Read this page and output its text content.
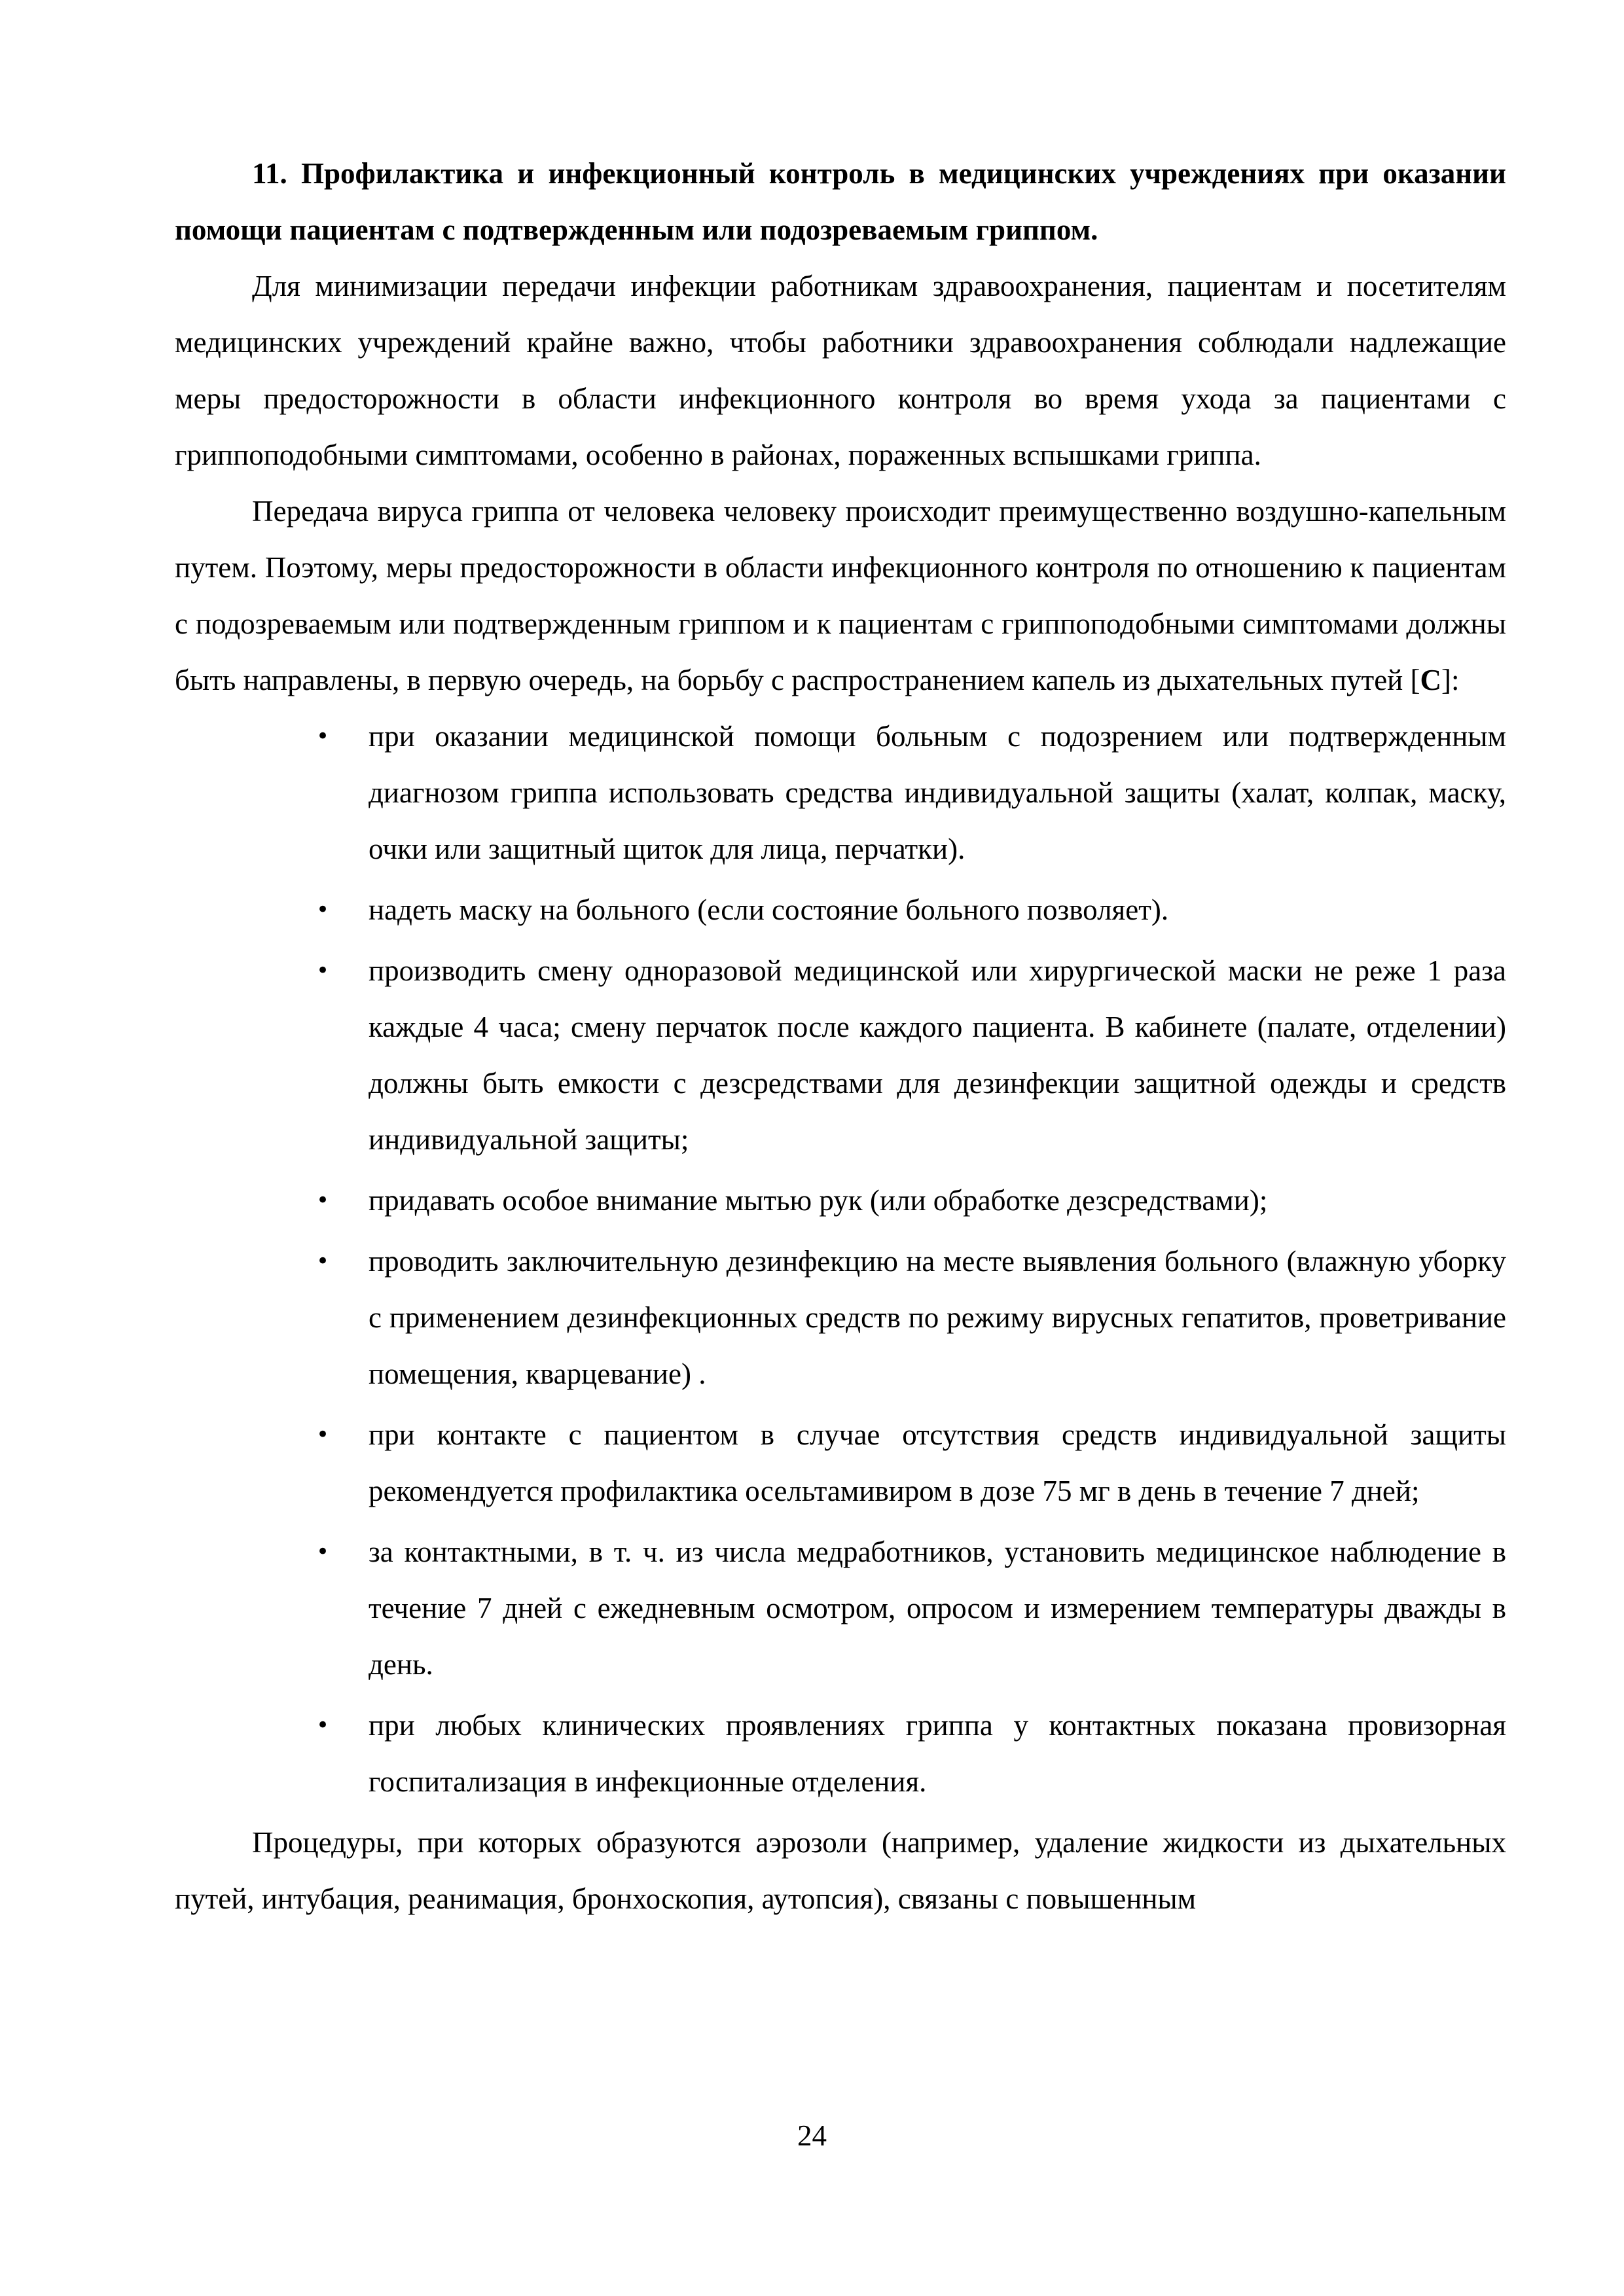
11. Профилактика и инфекционный контроль в медицинских учреждениях при оказании помощи пациентам с подтвержденным или подозреваемым гриппом.

Для минимизации передачи инфекции работникам здравоохранения, пациентам и посетителям медицинских учреждений крайне важно, чтобы работники здравоохранения соблюдали надлежащие меры предосторожности в области инфекционного контроля во время ухода за пациентами с гриппоподобными симптомами, особенно в районах, пораженных вспышками гриппа.

Передача вируса гриппа от человека человеку происходит преимущественно воздушно-капельным путем. Поэтому, меры предосторожности в области инфекционного контроля по отношению к пациентам с подозреваемым или подтвержденным гриппом и к пациентам с гриппоподобными симптомами должны быть направлены, в первую очередь, на борьбу с распространением капель из дыхательных путей [С]:

• при оказании медицинской помощи больным с подозрением или подтвержденным диагнозом гриппа использовать средства индивидуальной защиты (халат, колпак, маску, очки или защитный щиток для лица, перчатки).
• надеть маску на больного (если состояние больного позволяет).
• производить смену одноразовой медицинской или хирургической маски не реже 1 раза каждые 4 часа; смену перчаток после каждого пациента. В кабинете (палате, отделении) должны быть емкости с дезсредствами для дезинфекции защитной одежды и средств индивидуальной защиты;
• придавать особое внимание мытью рук (или обработке дезсредствами);
• проводить заключительную дезинфекцию на месте выявления больного (влажную уборку с применением дезинфекционных средств по режиму вирусных гепатитов, проветривание помещения, кварцевание) .
• при контакте с пациентом в случае отсутствия средств индивидуальной защиты рекомендуется профилактика осельтамивиром в дозе 75 мг в день в течение 7 дней;
• за контактными, в т. ч. из числа медработников, установить медицинское наблюдение в течение 7 дней с ежедневным осмотром, опросом и измерением температуры дважды в день.
• при любых клинических проявлениях гриппа у контактных показана провизорная госпитализация в инфекционные отделения.

Процедуры, при которых образуются аэрозоли (например, удаление жидкости из дыхательных путей, интубация, реанимация, бронхоскопия, аутопсия), связаны с повышенным

24
